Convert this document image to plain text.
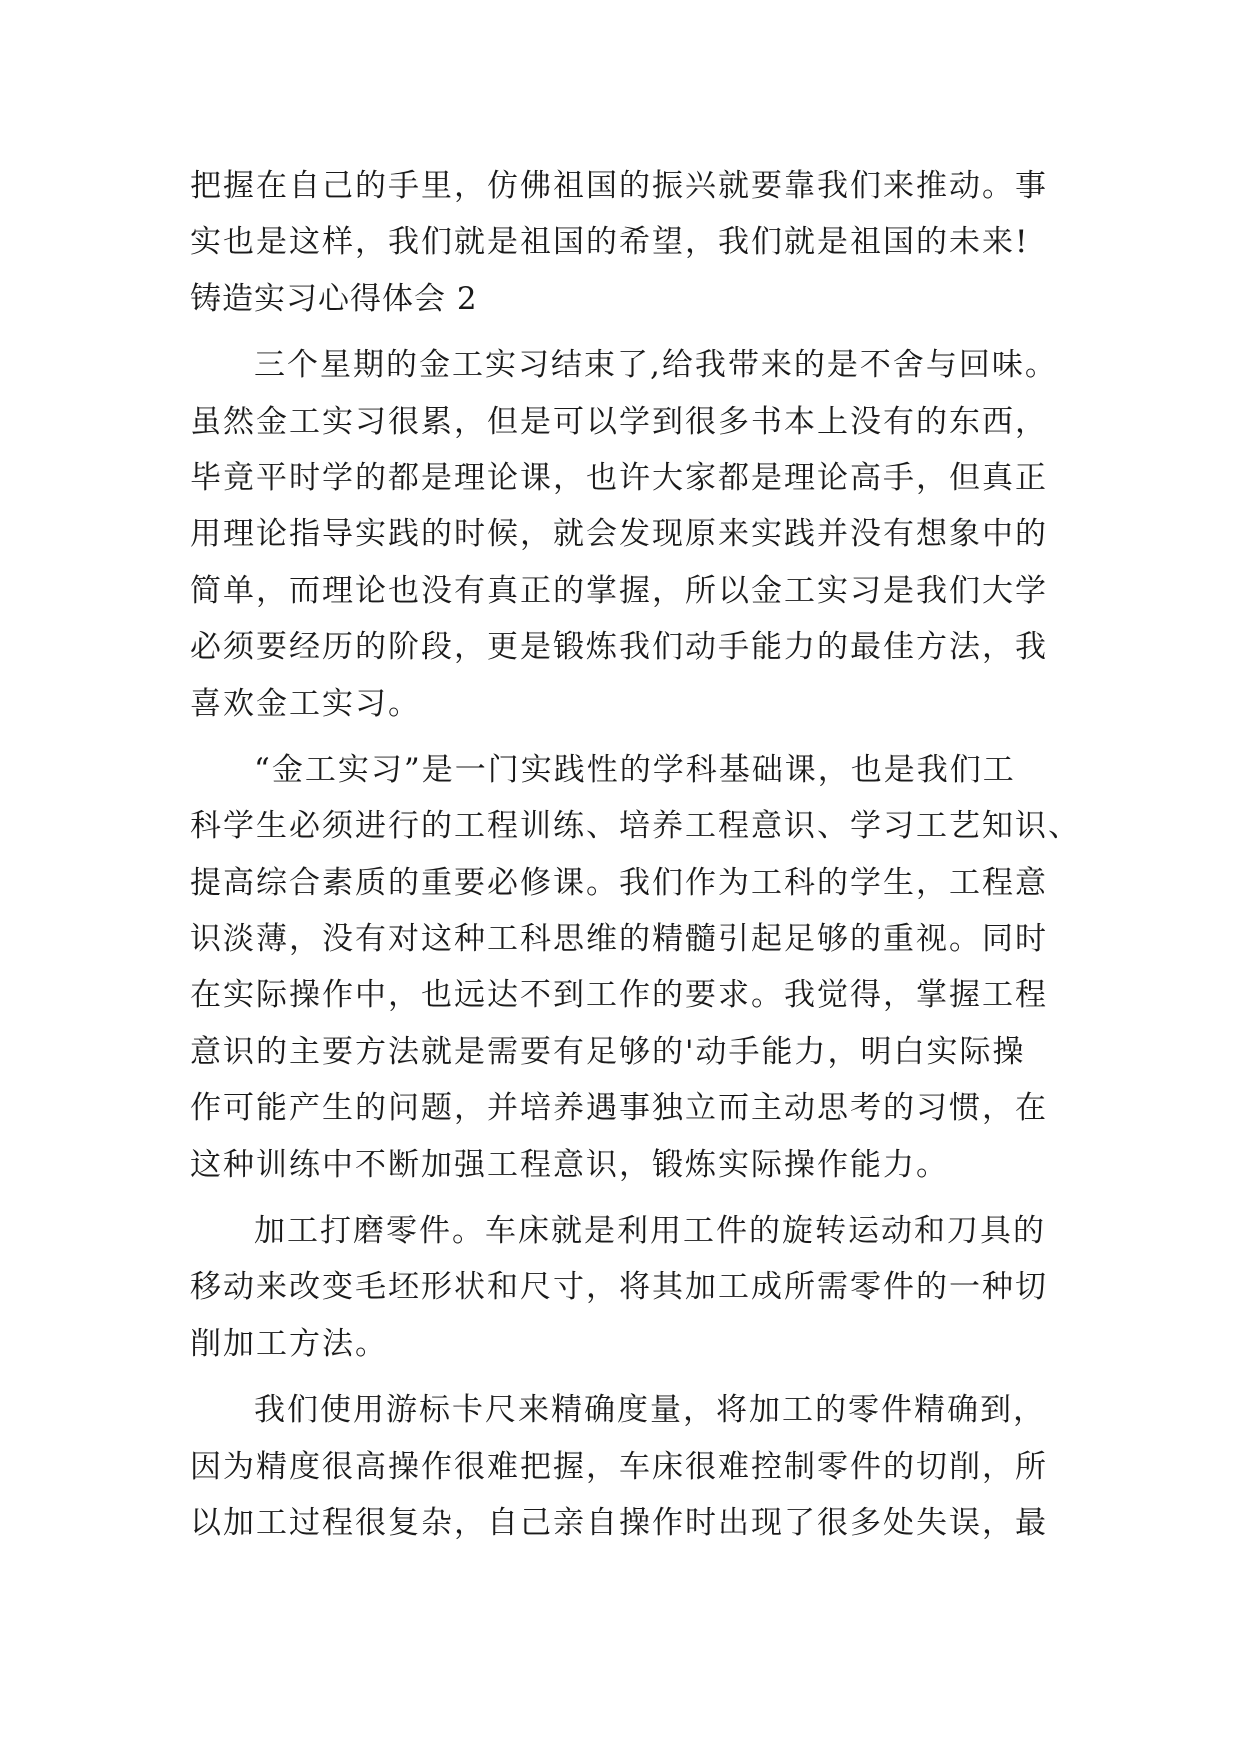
把握在自己的手里，仿佛祖国的振兴就要靠我们来推动。事
实也是这样，我们就是祖国的希望，我们就是祖国的未来!
铸造实习心得体会 2
三个星期的金工实习结束了,给我带来的是不舍与回味。
虽然金工实习很累，但是可以学到很多书本上没有的东西，
毕竟平时学的都是理论课，也许大家都是理论高手，但真正
用理论指导实践的时候，就会发现原来实践并没有想象中的
简单，而理论也没有真正的掌握，所以金工实习是我们大学
必须要经历的阶段，更是锻炼我们动手能力的最佳方法，我
喜欢金工实习。
“金工实习”是一门实践性的学科基础课，也是我们工
科学生必须进行的工程训练、培养工程意识、学习工艺知识、
提高综合素质的重要必修课。我们作为工科的学生，工程意
识淡薄，没有对这种工科思维的精髓引起足够的重视。同时
在实际操作中，也远达不到工作的要求。我觉得，掌握工程
意识的主要方法就是需要有足够的'动手能力，明白实际操
作可能产生的问题，并培养遇事独立而主动思考的习惯，在
这种训练中不断加强工程意识，锻炼实际操作能力。
加工打磨零件。车床就是利用工件的旋转运动和刀具的
移动来改变毛坯形状和尺寸，将其加工成所需零件的一种切
削加工方法。
我们使用游标卡尺来精确度量，将加工的零件精确到，
因为精度很高操作很难把握，车床很难控制零件的切削，所
以加工过程很复杂，自己亲自操作时出现了很多处失误，最
